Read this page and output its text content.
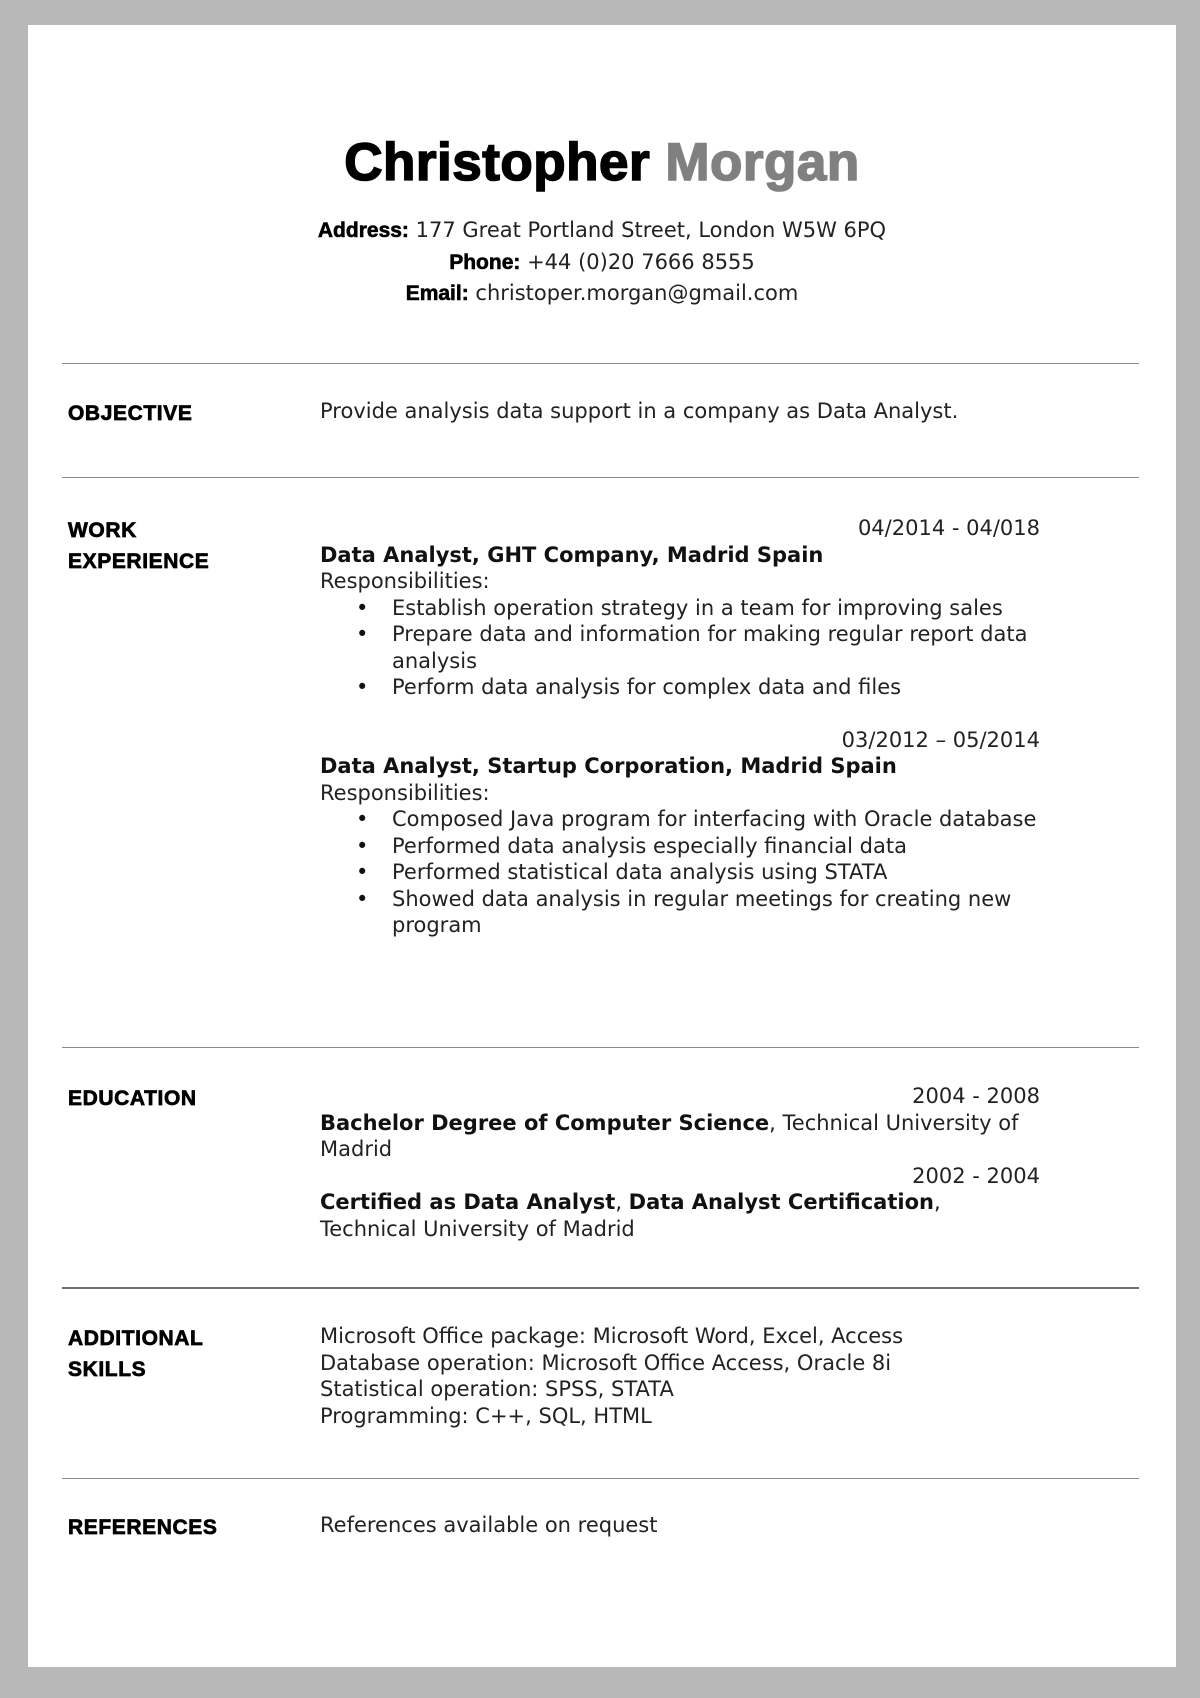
Christopher Morgan
Address: 177 Great Portland Street, London W5W 6PQ
Phone: +44 (0)20 7666 8555
Email: christoper.morgan@gmail.com
OBJECTIVE	Provide analysis data support in a company as Data Analyst.
WORK
EXPERIENCE
04/2014 - 04/018
Data Analyst, GHT Company, Madrid Spain
Responsibilities:
• Establish operation strategy in a team for improving sales
• Prepare data and information for making regular report data analysis
• Perform data analysis for complex data and files
03/2012 – 05/2014
Data Analyst, Startup Corporation, Madrid Spain
Responsibilities:
• Composed Java program for interfacing with Oracle database
• Performed data analysis especially financial data
• Performed statistical data analysis using STATA
• Showed data analysis in regular meetings for creating new program
EDUCATION	2004 - 2008
Bachelor Degree of Computer Science, Technical University of Madrid
2002 - 2004
Certified as Data Analyst, Data Analyst Certification, Technical University of Madrid
ADDITIONAL
SKILLS
Microsoft Office package: Microsoft Word, Excel, Access
Database operation: Microsoft Office Access, Oracle 8i
Statistical operation: SPSS, STATA
Programming: C++, SQL, HTML
REFERENCES	References available on request
